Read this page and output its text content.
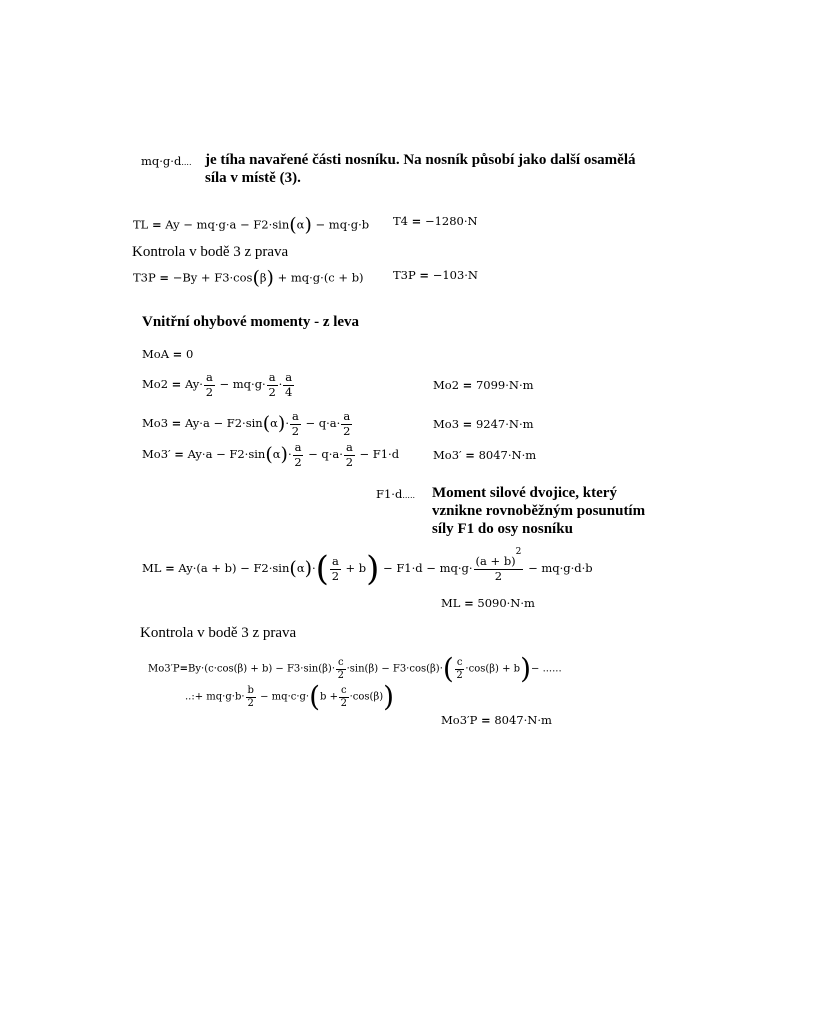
mq·g·d.... je tíha navařené části nosníku. Na nosník působí jako další osamělá síla v místě (3).
TL = Ay − mq·g·a − F2·sin(α) − mq·g·b T4 = −1280·N
Kontrola v bodě 3 z prava
T3P = −By + F3·cos(β) + mq·g·(c + b)	T3P = −103·N
Vnitřní ohybové momenty - z leva
MoA = 0
$Mo2 = Ay\cdot \frac{a}{2} - mq\cdot g\cdot \frac{a}{2} \cdot \frac{a}{4}$	Mo2 = 7099·N·m
$Mo3 = Ay\cdot a - F2\cdot\sin(\alpha)\cdot \frac{a}{2} - q\cdot a\cdot \frac{a}{2}$	Mo3 = 9247·N·m
$Mo3' = Ay\cdot a - F2\cdot\sin(\alpha)\cdot \frac{a}{2} - q\cdot a\cdot \frac{a}{2} - F1\cdot d$	Mo3′ = 8047·N·m
F1·d..... Moment silové dvojice, který vznikne rovnoběžným posunutím síly F1 do osy nosníku
ML = $Ay\cdot(a + b) - F2\cdot\sin(\alpha)\cdot( \frac{a}{2} + b) - F1\cdot d - mq\cdot g\cdot \frac{(a + b)^2}{2} - mq\cdot g\cdot d\cdot b$
ML = 5090·N·m
Kontrola v bodě 3 z prava
$Mo3'P=By\cdot(c\cdot\cos(\beta) + b) - F3\cdot\sin(\beta)\cdot \frac{c}{2} \cdot\sin(\beta) - F3\cdot\cos(\beta)\cdot( \frac{c}{2} \cdot\cos(\beta) + b)-$ ......
..:+ $mq\cdot g\cdot b\cdot \frac{b}{2} - mq\cdot c\cdot g\cdot(b + \frac{c}{2} \cdot\cos(\beta))$
Mo3′P = 8047·N·m
